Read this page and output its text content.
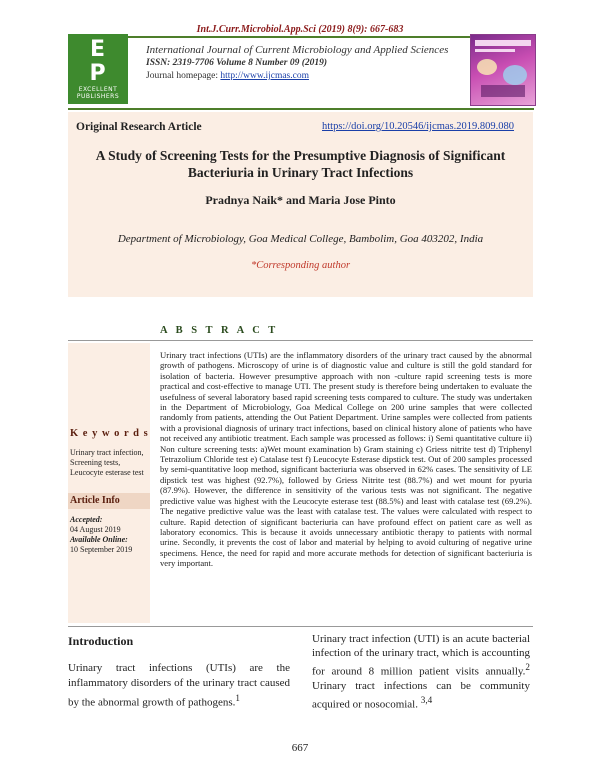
Int.J.Curr.Microbiol.App.Sci (2019) 8(9): 667-683
E
P
EXCELLENT
PUBLISHERS
International Journal of Current Microbiology and Applied Sciences
ISSN: 2319-7706 Volume 8 Number 09 (2019)
Journal homepage: http://www.ijcmas.com
Original Research Article	https://doi.org/10.20546/ijcmas.2019.809.080
A Study of Screening Tests for the Presumptive Diagnosis of Significant
Bacteriuria in Urinary Tract Infections
Pradnya Naik* and Maria Jose Pinto
Department of Microbiology, Goa Medical College, Bambolim, Goa 403202, India
*Corresponding author
A B S T R A C T
K e y w o r d s
Urinary tract infection, Screening tests, Leucocyte esterase test
Article Info
Accepted:
04 August 2019
Available Online:
10 September 2019
Urinary tract infections (UTIs) are the inflammatory disorders of the urinary tract caused by the abnormal growth of pathogens. Microscopy of urine is of diagnostic value and culture is still the gold standard for isolation of bacteria. However presumptive approach with non -culture rapid screening tests is more practical and cost-effective to manage UTI. The present study is therefore being undertaken to evaluate the usefulness of several laboratory based rapid screening tests compared to culture. The study was undertaken in the Department of Microbiology, Goa Medical College on 200 urine samples that were collected randomly from patients, attending the Out Patient Department. Urine samples were collected from patients with a provisional diagnosis of urinary tract infections, based on clinical history alone of patients who have not received any antibiotic treatment. Each sample was processed as follows: i) Semi quantitative culture ii) Non culture screening tests: a)Wet mount examination b) Gram staining c) Griess nitrite test d) Triphenyl Tetrazolium Chloride test e) Catalase test f) Leucocyte Esterase dipstick test. Out of 200 samples processed by semi-quantitative loop method, significant bacteriuria was observed in 62% cases. The sensitivity of LE dipstick test was highest (92.7%), followed by Griess Nitrite test (88.7%) and wet mount for pyuria (87.9%). However, the difference in sensitivity of the various tests was not significant. The negative predictive value was highest with the Leucocyte esterase test (88.5%) and least with catalase test (69.2%). The negative predictive value was the least with catalase test. The values were calculated with respect to culture. Rapid detection of significant bacteriuria can have profound effect on patient care as well as laboratory economics. This is because it avoids unnecessary antibiotic therapy to patients with normal urine. Secondly, it prevents the cost of labor and material by helping to avoid culturing of negative urine specimens. Hence, the need for rapid and more accurate methods for detection of significant bacteriuria is very important.
Introduction
Urinary tract infections (UTIs) are the inflammatory disorders of the urinary tract caused by the abnormal growth of pathogens.$^1$
Urinary tract infection (UTI) is an acute bacterial infection of the urinary tract, which is accounting for around 8 million patient visits annually.$^2$ Urinary tract infections can be community acquired or nosocomial. $^{3,4}$
667
